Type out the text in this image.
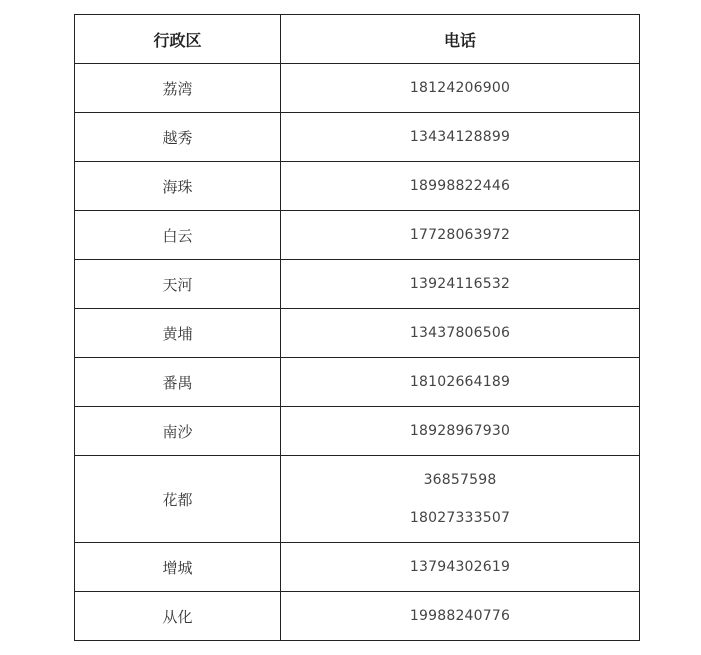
行政区	电话
荔湾	18124206900

越秀	13434128899

海珠	18998822446

白云	17728063972

天河	13924116532

黄埔	13437806506

番禺	18102664189

南沙	18928967930

花都	36857598
18027333507

增城	13794302619

从化	19988240776
